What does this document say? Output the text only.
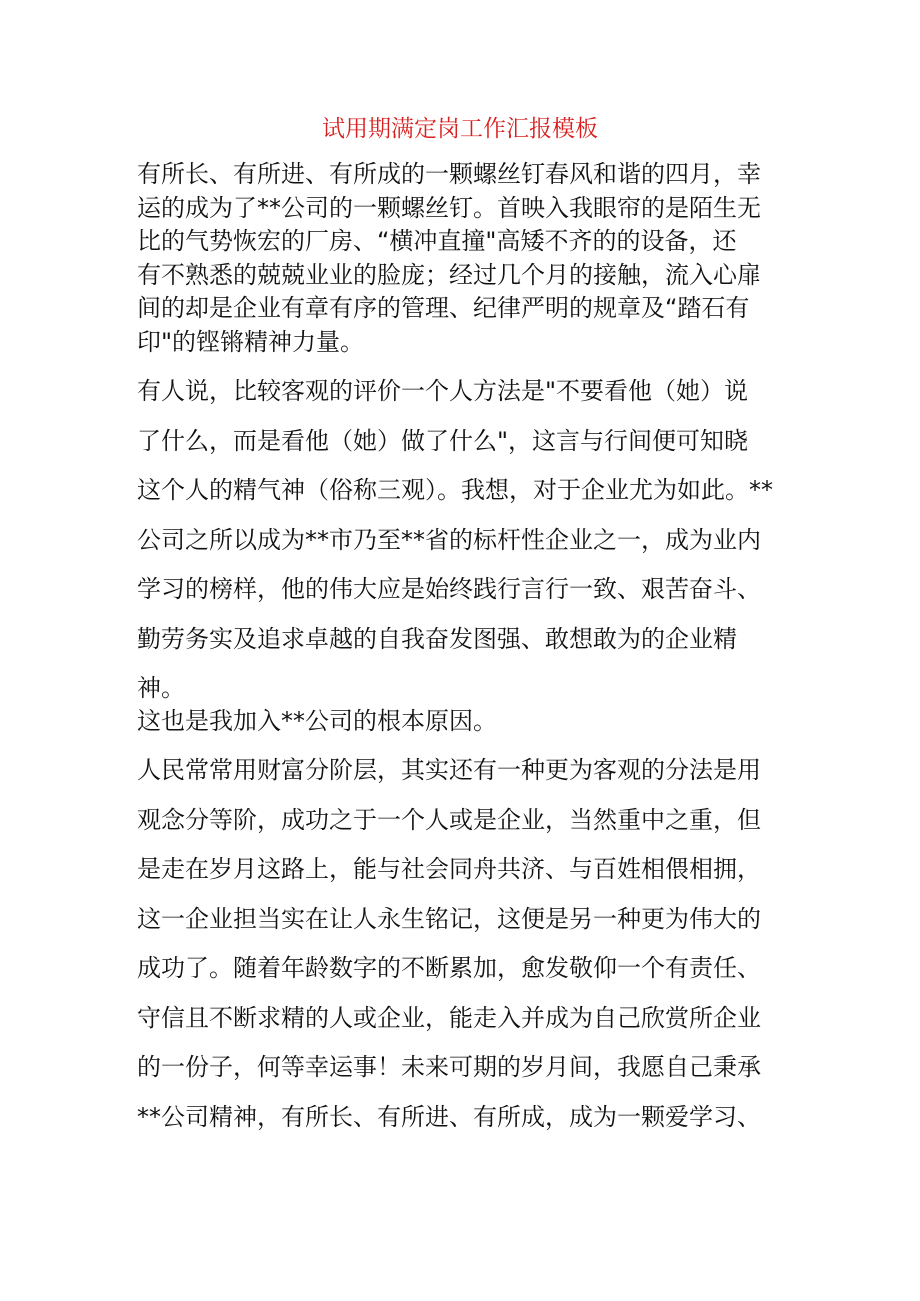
试用期满定岗工作汇报模板

有所长、有所进、有所成的一颗螺丝钉春风和谐的四月，幸
运的成为了**公司的一颗螺丝钉。首映入我眼帘的是陌生无
比的气势恢宏的厂房、“横冲直撞"高矮不齐的的设备，还
有不熟悉的兢兢业业的脸庞；经过几个月的接触，流入心扉
间的却是企业有章有序的管理、纪律严明的规章及“踏石有
印"的铿锵精神力量。

有人说，比较客观的评价一个人方法是"不要看他（她）说
了什么，而是看他（她）做了什么"，这言与行间便可知晓
这个人的精气神（俗称三观）。我想，对于企业尤为如此。**
公司之所以成为**市乃至**省的标杆性企业之一，成为业内
学习的榜样，他的伟大应是始终践行言行一致、艰苦奋斗、
勤劳务实及追求卓越的自我奋发图强、敢想敢为的企业精
神。

这也是我加入**公司的根本原因。

人民常常用财富分阶层，其实还有一种更为客观的分法是用
观念分等阶，成功之于一个人或是企业，当然重中之重，但
是走在岁月这路上，能与社会同舟共济、与百姓相偎相拥，
这一企业担当实在让人永生铭记，这便是另一种更为伟大的
成功了。随着年龄数字的不断累加，愈发敬仰一个有责任、
守信且不断求精的人或企业，能走入并成为自己欣赏所企业
的一份子，何等幸运事！未来可期的岁月间，我愿自己秉承
**公司精神，有所长、有所进、有所成，成为一颗爱学习、
